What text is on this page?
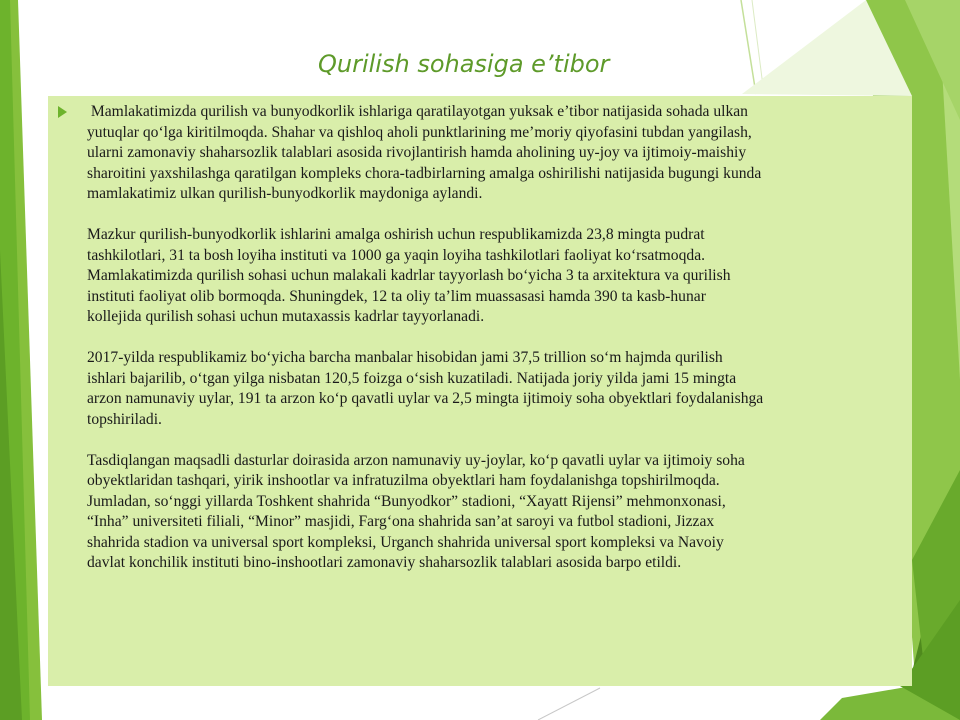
Qurilish sohasiga e’tibor

Mamlakatimizda qurilish va bunyodkorlik ishlariga qaratilayotgan yuksak e’tibor natijasida sohada ulkan
yutuqlar qo‘lga kiritilmoqda. Shahar va qishloq aholi punktlarining me’moriy qiyofasini tubdan yangilash,
ularni zamonaviy shaharsozlik talablari asosida rivojlantirish hamda aholining uy-joy va ijtimoiy-maishiy
sharoitini yaxshilashga qaratilgan kompleks chora-tadbirlarning amalga oshirilishi natijasida bugungi kunda
mamlakatimiz ulkan qurilish-bunyodkorlik maydoniga aylandi.

Mazkur qurilish-bunyodkorlik ishlarini amalga oshirish uchun respublikamizda 23,8 mingta pudrat
tashkilotlari, 31 ta bosh loyiha instituti va 1000 ga yaqin loyiha tashkilotlari faoliyat ko‘rsatmoqda.
Mamlakatimizda qurilish sohasi uchun malakali kadrlar tayyorlash bo‘yicha 3 ta arxitektura va qurilish
instituti faoliyat olib bormoqda. Shuningdek, 12 ta oliy ta’lim muassasasi hamda 390 ta kasb-hunar
kollejida qurilish sohasi uchun mutaxassis kadrlar tayyorlanadi.

2017-yilda respublikamiz bo‘yicha barcha manbalar hisobidan jami 37,5 trillion so‘m hajmda qurilish
ishlari bajarilib, o‘tgan yilga nisbatan 120,5 foizga o‘sish kuzatiladi. Natijada joriy yilda jami 15 mingta
arzon namunaviy uylar, 191 ta arzon ko‘p qavatli uylar va 2,5 mingta ijtimoiy soha obyektlari foydalanishga
topshiriladi.

Tasdiqlangan maqsadli dasturlar doirasida arzon namunaviy uy-joylar, ko‘p qavatli uylar va ijtimoiy soha
obyektlaridan tashqari, yirik inshootlar va infratuzilma obyektlari ham foydalanishga topshirilmoqda.
Jumladan, so‘nggi yillarda Toshkent shahrida “Bunyodkor” stadioni, “Xayatt Rijensi” mehmonxonasi,
“Inha” universiteti filiali, “Minor” masjidi, Farg‘ona shahrida san’at saroyi va futbol stadioni, Jizzax
shahrida stadion va universal sport kompleksi, Urganch shahrida universal sport kompleksi va Navoiy
davlat konchilik instituti bino-inshootlari zamonaviy shaharsozlik talablari asosida barpo etildi.
